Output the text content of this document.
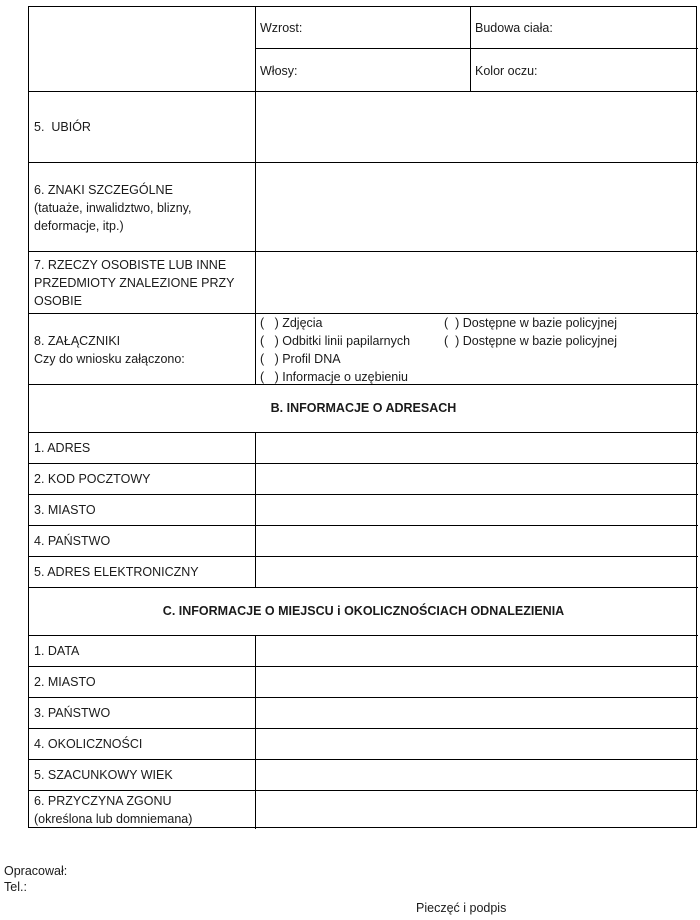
Wzrost:	Budowa ciała:
Włosy:	Kolor oczu:
5.  UBIÓR
6. ZNAKI SZCZEGÓLNE
(tatuaże, inwalidztwo, blizny,
deformacje, itp.)
7. RZECZY OSOBISTE LUB INNE
PRZEDMIOTY ZNALEZIONE PRZY
OSOBIE
8. ZAŁĄCZNIKI
Czy do wniosku załączono:
(   ) Zdjęcia
(   ) Odbitki linii papilarnych
(   ) Profil DNA
(   ) Informacje o uzębieniu
(  ) Dostępne w bazie policyjnej
(  ) Dostępne w bazie policyjnej
B. INFORMACJE O ADRESACH
1. ADRES
2. KOD POCZTOWY
3. MIASTO
4. PAŃSTWO
5. ADRES ELEKTRONICZNY
C. INFORMACJE O MIEJSCU i OKOLICZNOŚCIACH ODNALEZIENIA
1. DATA
2. MIASTO
3. PAŃSTWO
4. OKOLICZNOŚCI
5. SZACUNKOWY WIEK
6. PRZYCZYNA ZGONU
(określona lub domniemana)
Opracował:
Tel.:
Pieczęć i podpis
